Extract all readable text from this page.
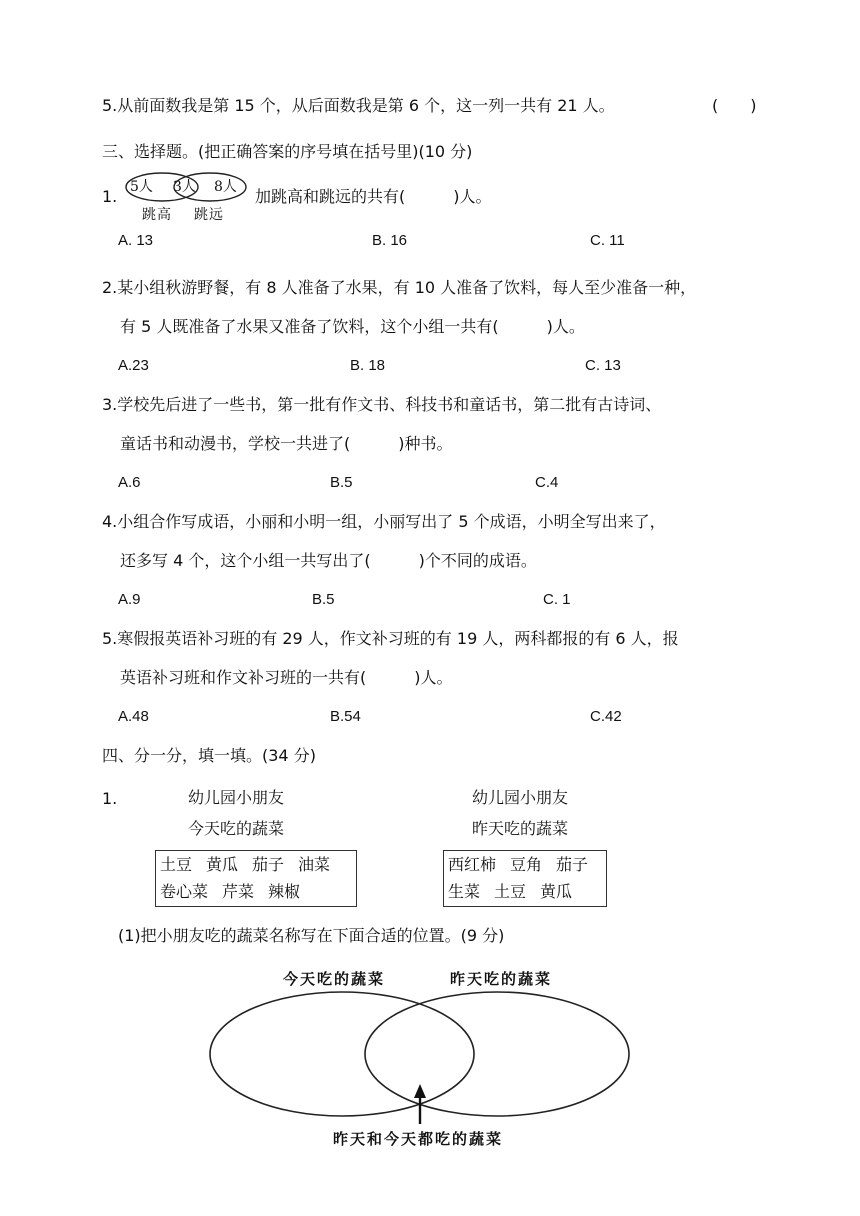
5.从前面数我是第 15 个，从后面数我是第 6 个，这一列一共有 21 人。	(　　)
三、选择题。(把正确答案的序号填在括号里)(10 分)
1. 5人 3人 8人
跳高 跳远
加跳高和跳远的共有(　　　)人。
A. 13	B. 16	C. 11
2.某小组秋游野餐，有 8 人准备了水果，有 10 人准备了饮料，每人至少准备一种，
有 5 人既准备了水果又准备了饮料，这个小组一共有(　　　)人。
A.23	B. 18	C. 13
3.学校先后进了一些书，第一批有作文书、科技书和童话书，第二批有古诗词、
童话书和动漫书，学校一共进了(　　　)种书。
A.6	B.5	C.4
4.小组合作写成语，小丽和小明一组，小丽写出了 5 个成语，小明全写出来了，
还多写 4 个，这个小组一共写出了(　　　)个不同的成语。
A.9	B.5	C. 1
5.寒假报英语补习班的有 29 人，作文补习班的有 19 人，两科都报的有 6 人，报
英语补习班和作文补习班的一共有(　　　)人。
A.48	B.54	C.42
四、分一分，填一填。(34 分)
1.	幼儿园小朋友
今天吃的蔬菜
土豆 黄瓜 茄子 油菜
卷心菜 芹菜 辣椒
幼儿园小朋友
昨天吃的蔬菜
西红柿 豆角 茄子
生菜 土豆 黄瓜
(1)把小朋友吃的蔬菜名称写在下面合适的位置。(9 分)
今天吃的蔬菜	昨天吃的蔬菜
昨天和今天都吃的蔬菜
